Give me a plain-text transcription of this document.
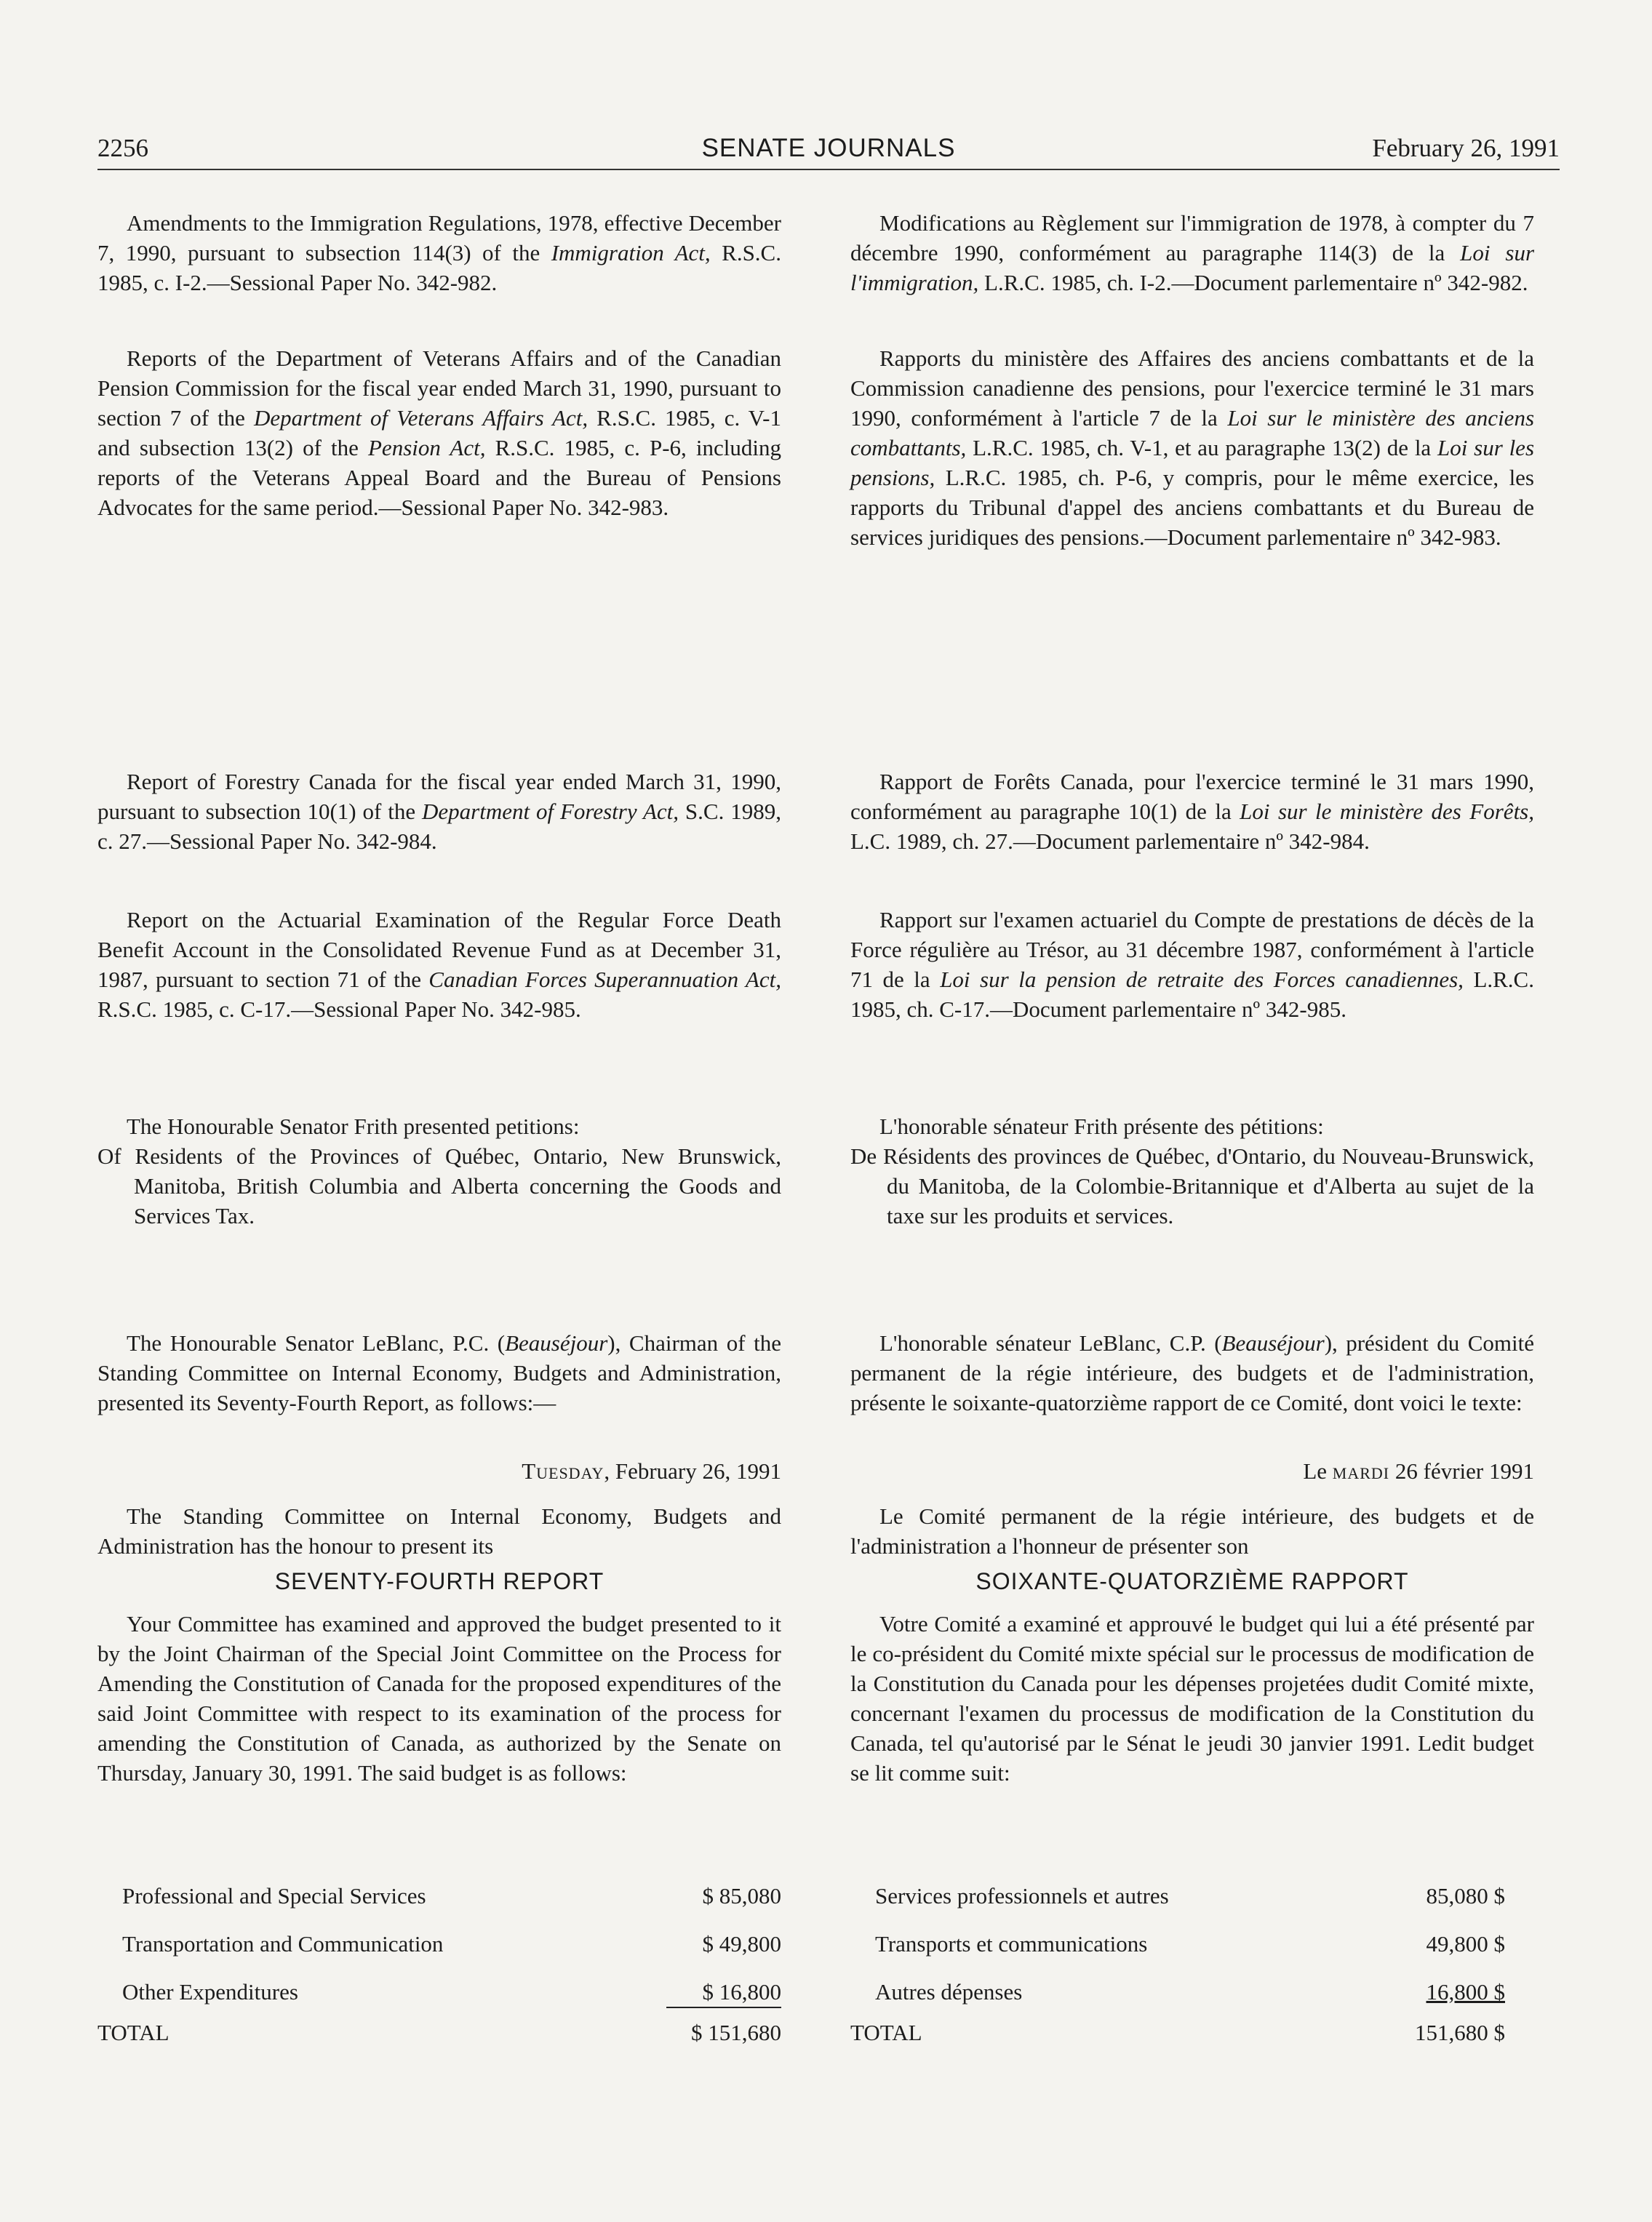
2256	SENATE JOURNALS	February 26, 1991

Amendments to the Immigration Regulations, 1978, effective December 7, 1990, pursuant to subsection 114(3) of the Immigration Act, R.S.C. 1985, c. I-2.—Sessional Paper No. 342-982.

Reports of the Department of Veterans Affairs and of the Canadian Pension Commission for the fiscal year ended March 31, 1990, pursuant to section 7 of the Department of Veterans Affairs Act, R.S.C. 1985, c. V-1 and subsection 13(2) of the Pension Act, R.S.C. 1985, c. P-6, including reports of the Veterans Appeal Board and the Bureau of Pensions Advocates for the same period.—Sessional Paper No. 342-983.

Report of Forestry Canada for the fiscal year ended March 31, 1990, pursuant to subsection 10(1) of the Department of Forestry Act, S.C. 1989, c. 27.—Sessional Paper No. 342-984.

Report on the Actuarial Examination of the Regular Force Death Benefit Account in the Consolidated Revenue Fund as at December 31, 1987, pursuant to section 71 of the Canadian Forces Superannuation Act, R.S.C. 1985, c. C-17.—Sessional Paper No. 342-985.

The Honourable Senator Frith presented petitions:

Of Residents of the Provinces of Québec, Ontario, New Brunswick, Manitoba, British Columbia and Alberta concerning the Goods and Services Tax.

The Honourable Senator LeBlanc, P.C. (Beauséjour), Chairman of the Standing Committee on Internal Economy, Budgets and Administration, presented its Seventy-Fourth Report, as follows:—

Tuesday, February 26, 1991

The Standing Committee on Internal Economy, Budgets and Administration has the honour to present its

SEVENTY-FOURTH REPORT

Your Committee has examined and approved the budget presented to it by the Joint Chairman of the Special Joint Committee on the Process for Amending the Constitution of Canada for the proposed expenditures of the said Joint Committee with respect to its examination of the process for amending the Constitution of Canada, as authorized by the Senate on Thursday, January 30, 1991. The said budget is as follows:

Professional and Special Services	$ 85,080
Transportation and Communication	$ 49,800
Other Expenditures	$ 16,800
TOTAL	$ 151,680

Modifications au Règlement sur l'immigration de 1978, à compter du 7 décembre 1990, conformément au paragraphe 114(3) de la Loi sur l'immigration, L.R.C. 1985, ch. I-2.—Document parlementaire nº 342-982.

Rapports du ministère des Affaires des anciens combattants et de la Commission canadienne des pensions, pour l'exercice terminé le 31 mars 1990, conformément à l'article 7 de la Loi sur le ministère des anciens combattants, L.R.C. 1985, ch. V-1, et au paragraphe 13(2) de la Loi sur les pensions, L.R.C. 1985, ch. P-6, y compris, pour le même exercice, les rapports du Tribunal d'appel des anciens combattants et du Bureau de services juridiques des pensions.—Document parlementaire nº 342-983.

Rapport de Forêts Canada, pour l'exercice terminé le 31 mars 1990, conformément au paragraphe 10(1) de la Loi sur le ministère des Forêts, L.C. 1989, ch. 27.—Document parlementaire nº 342-984.

Rapport sur l'examen actuariel du Compte de prestations de décès de la Force régulière au Trésor, au 31 décembre 1987, conformément à l'article 71 de la Loi sur la pension de retraite des Forces canadiennes, L.R.C. 1985, ch. C-17.—Document parlementaire nº 342-985.

L'honorable sénateur Frith présente des pétitions:

De Résidents des provinces de Québec, d'Ontario, du Nouveau-Brunswick, du Manitoba, de la Colombie-Britannique et d'Alberta au sujet de la taxe sur les produits et services.

L'honorable sénateur LeBlanc, C.P. (Beauséjour), président du Comité permanent de la régie intérieure, des budgets et de l'administration, présente le soixante-quatorzième rapport de ce Comité, dont voici le texte:

Le mardi 26 février 1991

Le Comité permanent de la régie intérieure, des budgets et de l'administration a l'honneur de présenter son

SOIXANTE-QUATORZIÈME RAPPORT

Votre Comité a examiné et approuvé le budget qui lui a été présenté par le co-président du Comité mixte spécial sur le processus de modification de la Constitution du Canada pour les dépenses projetées dudit Comité mixte, concernant l'examen du processus de modification de la Constitution du Canada, tel qu'autorisé par le Sénat le jeudi 30 janvier 1991. Ledit budget se lit comme suit:

Services professionnels et autres	85,080 $
Transports et communications	49,800 $
Autres dépenses	16,800 $
TOTAL	151,680 $
